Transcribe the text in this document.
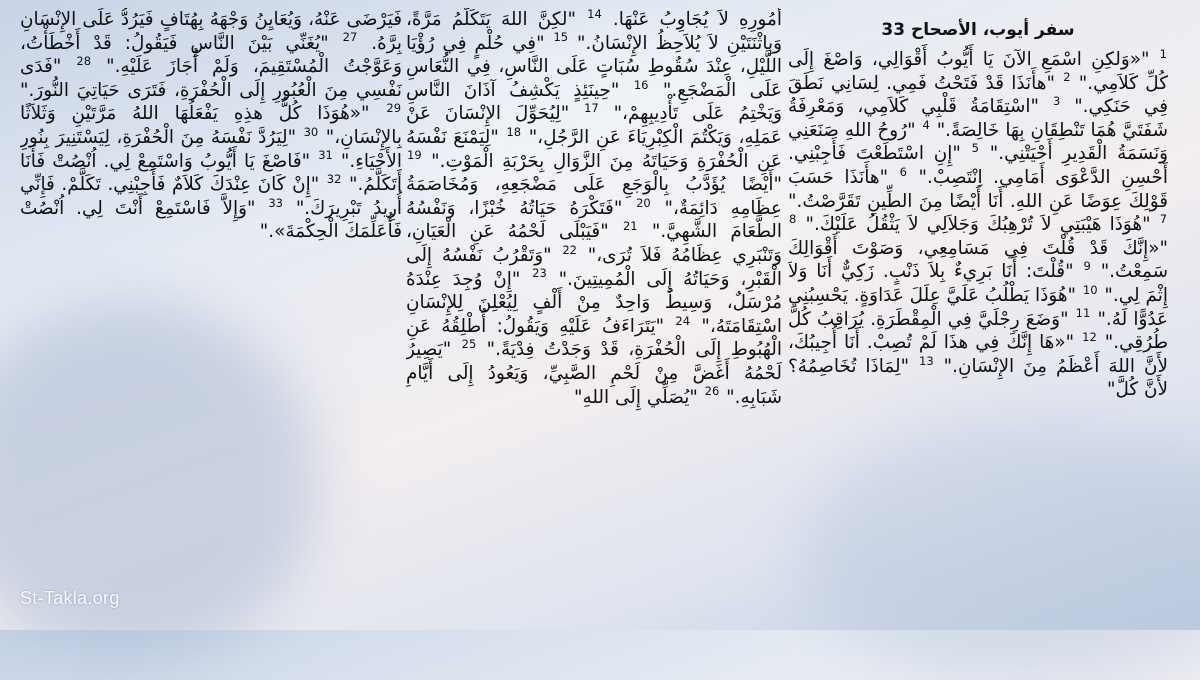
سفر أيوب، الأصحاح 33
$^1$ "«وَلكِنِ اسْمَعِ الآنَ يَا أَيُّوبُ أَقْوَالِي، وَاصْغَ إِلَى كُلِّ كَلاَمِي." $^2$ "هأَنَذَا قَدْ فَتَحْتُ فَمِي. لِسَانِي نَطَقَ فِي حَنَكِي." $^3$ "اسْتِقَامَةُ قَلْبِي كَلاَمِي، وَمَعْرِفَةُ شَفَتَيَّ هُمَا تَنْطِقَانِ بِهَا خَالِصَةً." $^4$ "رُوحُ اللهِ صَنَعَنِي وَنَسَمَةُ الْقَدِيرِ أَحْيَتْنِي." $^5$ "إِنِ اسْتَطَعْتَ فَأَجِبْنِي. أَحْسِنِ الدَّعْوَى أَمَامِي. اِنْتَصِبْ." $^6$ "هأَنَذَا حَسَبَ قَوْلِكَ عِوَضًا عَنِ اللهِ. أَنَا أَيْضًا مِنَ الطِّينِ تَقَرَّصْتُ." $^7$ "هُوَذَا هَيْبَتِي لاَ تُرْهِبُكَ وَجَلاَلِي لاَ يَثْقُلُ عَلَيْكَ." $^8$ "«إِنَّكَ قَدْ قُلْتَ فِي مَسَامِعِي، وَصَوْتَ أَقْوَالِكَ سَمِعْتُ." $^9$ "قُلْتَ: أَنَا بَرِيءٌ بِلاَ ذَنْبٍ. زَكِيٌّ أَنَا وَلاَ إِثْمَ لِي." $^{10}$ "هُوَذَا يَطْلُبُ عَلَيَّ عِلَلَ عَدَاوَةٍ. يَحْسِبُنِي عَدُوًّا لَهُ." $^{11}$ "وَضَعَ رِجْلَيَّ فِي الْمِقْطَرَةِ. يُرَاقِبُ كُلَّ طُرُقِي." $^{12}$ "«هَا إِنَّكَ فِي هذَا لَمْ تُصِبْ. أَنَا أُجِيبُكَ، لأَنَّ اللهَ أَعْظَمُ مِنَ الإِنْسَانِ." $^{13}$ "لِمَاذَا تُخَاصِمُهُ؟ لأَنَّ كُلَّ"
أُمُورِهِ لاَ يُجَاوِبُ عَنْهَا. $^{14}$ "لكِنَّ اللهَ يَتَكَلَّمُ مَرَّةً، وَبِاثْنَتَيْنِ لاَ يُلاَحِظُ الإِنْسَانُ." $^{15}$ "فِي حُلْمٍ فِي رُؤْيَا اللَّيْلِ، عِنْدَ سُقُوطِ سُبَاتٍ عَلَى النَّاسِ، فِي النُّعَاسِ عَلَى الْمَضْجَعِ." $^{16}$ "حِينَئِذٍ يَكْشِفُ آذَانَ النَّاسِ وَيَخْتِمُ عَلَى تَأْدِيبِهِمْ،" $^{17}$ "لِيُحَوِّلَ الإِنْسَانَ عَنْ عَمَلِهِ، وَيَكْتُمَ الْكِبْرِيَاءَ عَنِ الرَّجُلِ،" $^{18}$ "لِيَمْنَعَ نَفْسَهُ عَنِ الْحُفْرَةِ وَحَيَاتَهُ مِنَ الزَّوَالِ بِحَرْبَةِ الْمَوْتِ." $^{19}$ "أَيْضًا يُؤَدَّبُ بِالْوَجَعِ عَلَى مَضْجَعِهِ، وَمُخَاصَمَةُ عِظَامِهِ دَائِمَةٌ،" $^{20}$ "فَتَكْرَهُ حَيَاتُهُ خُبْزًا، وَنَفْسُهُ الطَّعَامَ الشَّهِيَّ." $^{21}$ "فَيَبْلَى لَحْمُهُ عَنِ الْعَيَانِ، وَتَنْبَرِي عِظَامُهُ فَلاَ تُرَى،" $^{22}$ "وَتَقْرُبُ نَفْسُهُ إِلَى الْقَبْرِ، وَحَيَاتُهُ إِلَى الْمُمِيتِينَ." $^{23}$ "إِنْ وُجِدَ عِنْدَهُ مُرْسَلٌ، وَسِيطٌ وَاحِدٌ مِنْ أَلْفٍ لِيُعْلِنَ لِلإِنْسَانِ اسْتِقَامَتَهُ،" $^{24}$ "يَتَرَاءَفُ عَلَيْهِ وَيَقُولُ: أُطْلِقُهُ عَنِ الْهُبُوطِ إِلَى الْحُفْرَةِ، قَدْ وَجَدْتُ فِدْيَةً." $^{25}$ "يَصِيرُ لَحْمُهُ أَغَضَّ مِنْ لَحْمِ الصَّبِيِّ، وَيَعُودُ إِلَى أَيَّامِ شَبَابِهِ." $^{26}$ "يُصَلِّي إِلَى اللهِ"
فَيَرْضَى عَنْهُ، وَيُعَايِنُ وَجْهَهُ بِهُتَافٍ فَيَرُدُّ عَلَى الإِنْسَانِ بِرَّهُ. $^{27}$ "يُغَنِّي بَيْنَ النَّاسِ فَيَقُولُ: قَدْ أَخْطَأْتُ، وَعَوَّجْتُ الْمُسْتَقِيمَ، وَلَمْ أُجَازَ عَلَيْهِ." $^{28}$ "فَدَى نَفْسِي مِنَ الْعُبُورِ إِلَى الْحُفْرَةِ، فَتَرَى حَيَاتِيَ النُّورَ." $^{29}$ "«هُوَذَا كُلُّ هذِهِ يَفْعَلُهَا اللهُ مَرَّتَيْنِ وَثَلاَثًا بِالإِنْسَانِ،" $^{30}$ "لِيَرُدَّ نَفْسَهُ مِنَ الْحُفْرَةِ، لِيَسْتَنِيرَ بِنُورِ الأَحْيَاءِ." $^{31}$ "فَاصْغَ يَا أَيُّوبُ وَاسْتَمِعْ لِي. اُنْصُتْ فَأَنَا أَتَكَلَّمُ." $^{32}$ "إِنْ كَانَ عِنْدَكَ كَلاَمٌ فَأَجِبْنِي. تَكَلَّمْ. فَإِنِّي أُرِيدُ تَبْرِيرَكَ." $^{33}$ "وَإِلاَّ فَاسْتَمِعْ أَنْتَ لِي. اُنْصُتْ فَأُعَلِّمَكَ الْحِكْمَةَ»."
St-Takla.org
